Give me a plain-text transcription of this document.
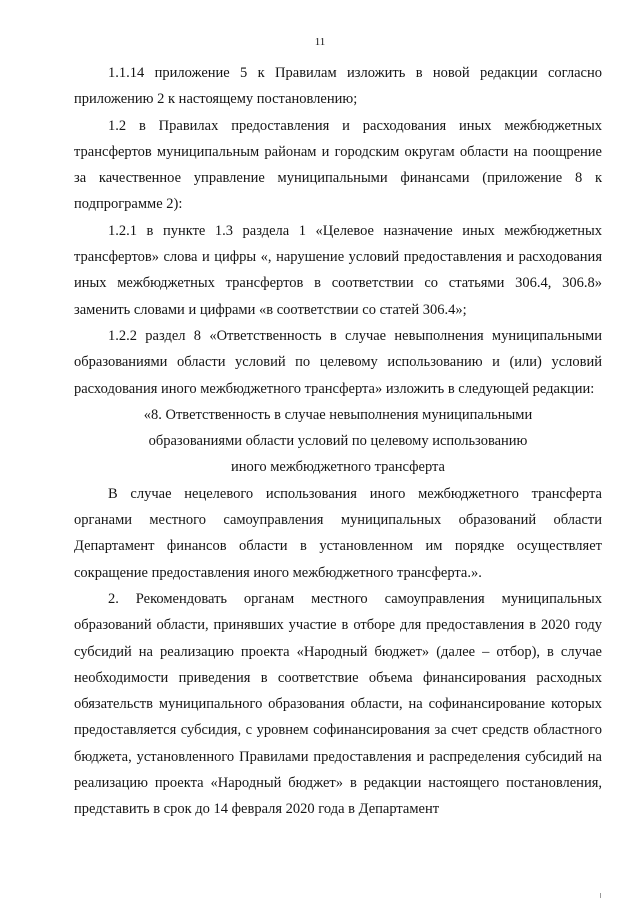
11

1.1.14 приложение 5 к Правилам изложить в новой редакции согласно приложению 2 к настоящему постановлению;

1.2 в Правилах предоставления и расходования иных межбюджетных трансфертов муниципальным районам и городским округам области на поощрение за качественное управление муниципальными финансами (приложение 8 к подпрограмме 2):

1.2.1 в пункте 1.3 раздела 1 «Целевое назначение иных межбюджетных трансфертов» слова и цифры «, нарушение условий предоставления и расходования иных межбюджетных трансфертов в соответствии со статьями 306.4, 306.8» заменить словами и цифрами «в соответствии со статей 306.4»;

1.2.2 раздел 8 «Ответственность в случае невыполнения муниципальными образованиями области условий по целевому использованию и (или) условий расходования иного межбюджетного трансферта» изложить в следующей редакции:

«8. Ответственность в случае невыполнения муниципальными

образованиями области условий по целевому использованию

иного межбюджетного трансферта

В случае нецелевого использования иного межбюджетного трансферта органами местного самоуправления муниципальных образований области Департамент финансов области в установленном им порядке осуществляет сокращение предоставления иного межбюджетного трансферта.».

2. Рекомендовать органам местного самоуправления муниципальных образований области, принявших участие в отборе для предоставления в 2020 году субсидий на реализацию проекта «Народный бюджет» (далее – отбор), в случае необходимости приведения в соответствие объема финансирования расходных обязательств муниципального образования области, на софинансирование которых предоставляется субсидия, с уровнем софинансирования за счет средств областного бюджета, установленного Правилами предоставления и распределения субсидий на реализацию проекта «Народный бюджет» в редакции настоящего постановления, представить в срок до 14 февраля 2020 года в Департамент
